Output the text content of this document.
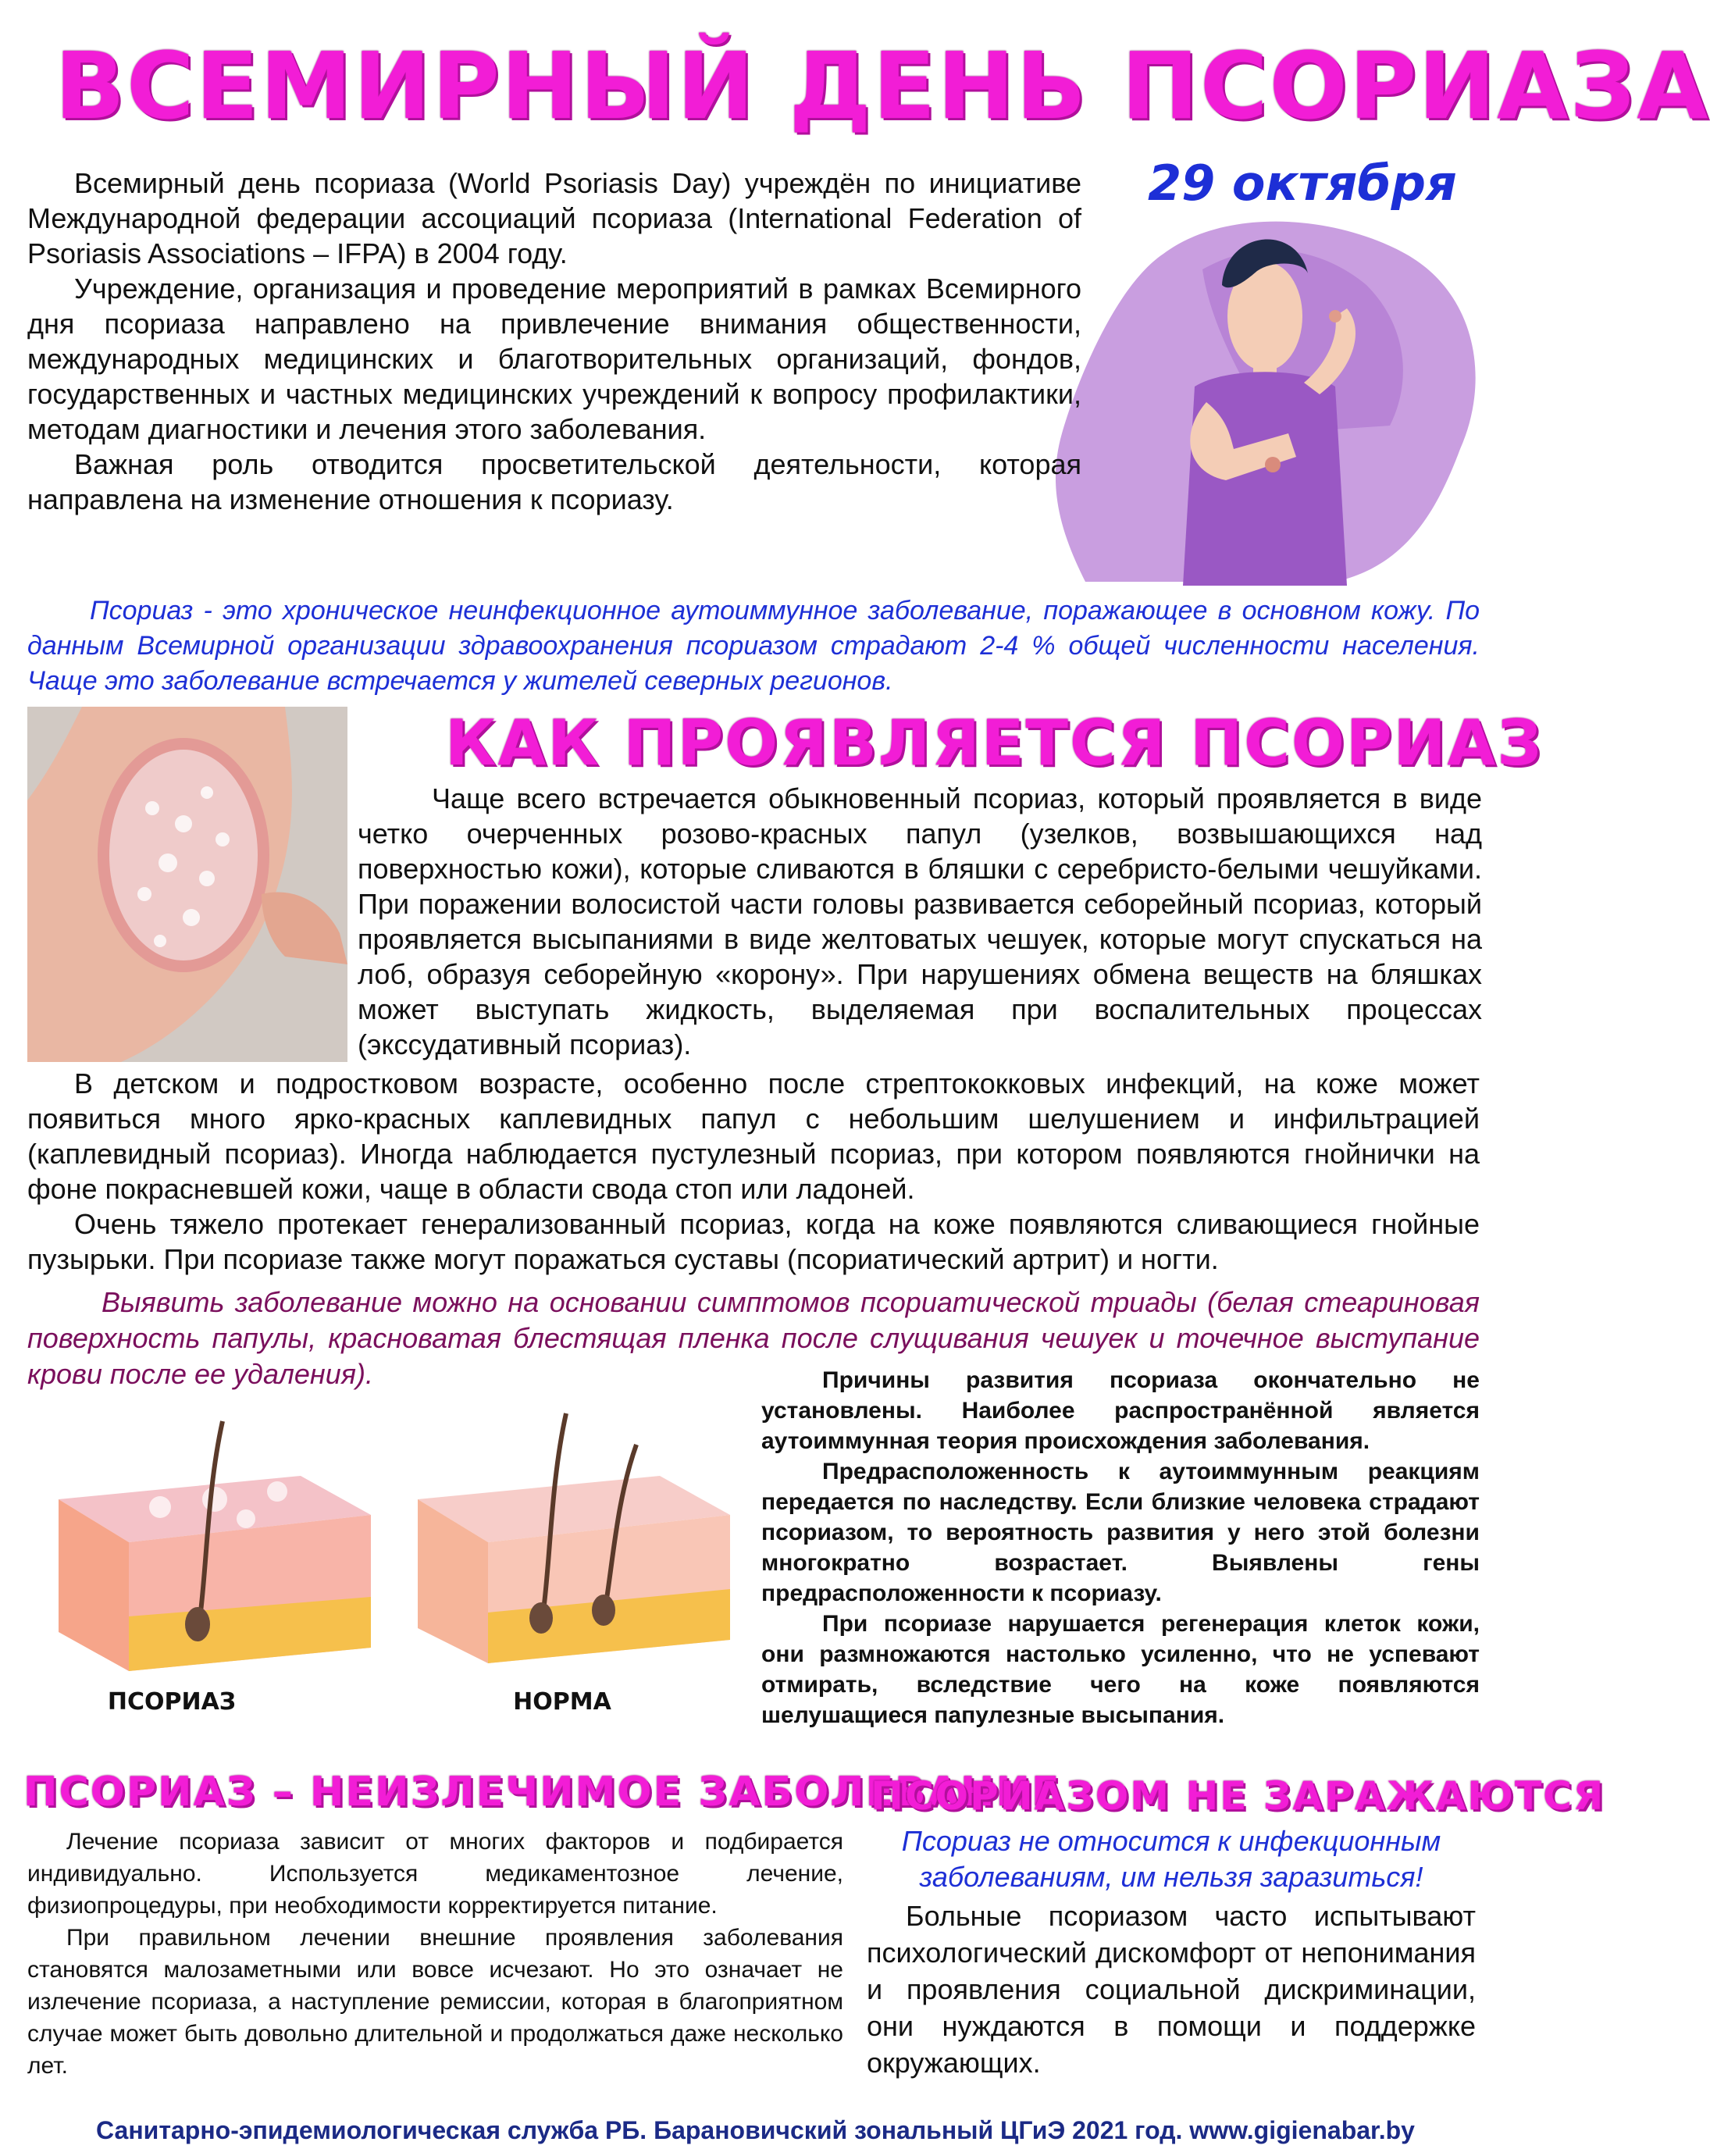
ВСЕМИРНЫЙ ДЕНЬ ПСОРИАЗА
29 октября

Всемирный день псориаза (World Psoriasis Day) учреждён по инициативе Международной федерации ассоциаций псориаза (International Federation of Psoriasis Associations – IFPA) в 2004 году.

Учреждение, организация и проведение мероприятий в рамках Всемирного дня псориаза направлено на привлечение внимания общественности, международных медицинских и благотворительных организаций, фондов, государственных и частных медицинских учреждений к вопросу профилактики, методам диагностики и лечения этого заболевания.

Важная роль отводится просветительской деятельности, которая направлена на изменение отношения к псориазу.

Псориаз - это хроническое неинфекционное аутоиммунное заболевание, поражающее в основном кожу. По данным Всемирной организации здравоохранения псориазом страдают 2-4 % общей численности населения. Чаще это заболевание встречается у жителей северных регионов.

КАК ПРОЯВЛЯЕТСЯ ПСОРИАЗ

Чаще всего встречается обыкновенный псориаз, который проявляется в виде четко очерченных розово-красных папул (узелков, возвышающихся над поверхностью кожи), которые сливаются в бляшки с серебристо-белыми чешуйками. При поражении волосистой части головы развивается себорейный псориаз, который проявляется высыпаниями в виде желтоватых чешуек, которые могут спускаться на лоб, образуя себорейную «корону». При нарушениях обмена веществ на бляшках может выступать жидкость, выделяемая при воспалительных процессах (экссудативный псориаз).

В детском и подростковом возрасте, особенно после стрептококковых инфекций, на коже может появиться много ярко-красных каплевидных папул с небольшим шелушением и инфильтрацией (каплевидный псориаз). Иногда наблюдается пустулезный псориаз, при котором появляются гнойнички на фоне покрасневшей кожи, чаще в области свода стоп или ладоней.

Очень тяжело протекает генерализованный псориаз, когда на коже появляются сливающиеся гнойные пузырьки. При псориазе также могут поражаться суставы (псориатический артрит) и ногти.

Выявить заболевание можно на основании симптомов псориатической триады (белая стеариновая поверхность папулы, красноватая блестящая пленка после слущивания чешуек и точечное выступание крови после ее удаления).

ПСОРИАЗ	НОРМА

Причины развития псориаза окончательно не установлены. Наиболее распространённой является аутоиммунная теория происхождения заболевания.

Предрасположенность к аутоиммунным реакциям передается по наследству. Если близкие человека страдают псориазом, то вероятность развития у него этой болезни многократно возрастает. Выявлены гены предрасположенности к псориазу.

При псориазе нарушается регенерация клеток кожи, они размножаются настолько усиленно, что не успевают отмирать, вследствие чего на коже появляются шелушащиеся папулезные высыпания.

ПСОРИАЗ – НЕИЗЛЕЧИМОЕ ЗАБОЛЕВАНИЕ

Лечение псориаза зависит от многих факторов и подбирается индивидуально. Используется медикаментозное лечение, физиопроцедуры, при необходимости корректируется питание.

При правильном лечении внешние проявления заболевания становятся малозаметными или вовсе исчезают. Но это означает не излечение псориаза, а наступление ремиссии, которая в благоприятном случае может быть довольно длительной и продолжаться даже несколько лет.

ПСОРИАЗОМ НЕ ЗАРАЖАЮТСЯ
Псориаз не относится к инфекционным заболеваниям, им нельзя заразиться!

Больные псориазом часто испытывают психологический дискомфорт от непонимания и проявления социальной дискриминации, они нуждаются в помощи и поддержке окружающих.

Санитарно-эпидемиологическая служба РБ. Барановичский зональный ЦГиЭ 2021 год. www.gigienabar.by
